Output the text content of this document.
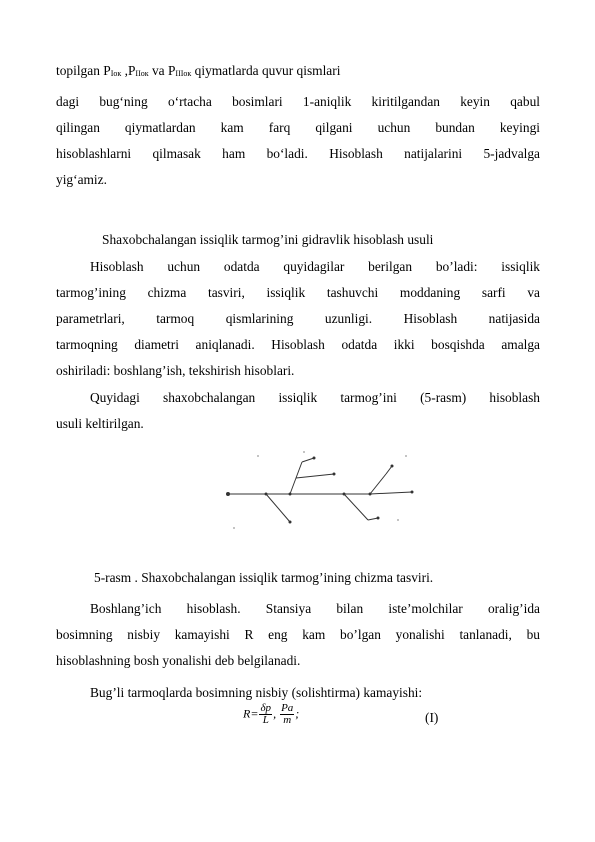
topilgan PIок ,PIIок va PIIIок qiymatlarda quvur qismlari
dagi bug‘ning o‘rtacha bosimlari 1-aniqlik kiritilgandan keyin qabul
qilingan qiymatlardan kam farq qilgani uchun bundan keyingi
hisoblashlarni qilmasak ham bo‘ladi. Hisoblash natijalarini 5-jadvalga
yig‘amiz.
Shaxobchalangan issiqlik tarmog’ini gidravlik hisoblash usuli
Hisoblash uchun odatda quyidagilar berilgan bo’ladi: issiqlik
tarmog’ining chizma tasviri, issiqlik tashuvchi moddaning sarfi va
parametrlari, tarmoq qismlarining uzunligi. Hisoblash natijasida
tarmoqning diametri aniqlanadi. Hisoblash odatda ikki bosqishda amalga
oshiriladi: boshlang’ish, tekshirish hisoblari.
Quyidagi shaxobchalangan issiqlik tarmog’ini (5-rasm) hisoblash
usuli keltirilgan.
5-rasm . Shaxobchalangan issiqlik tarmog’ining chizma tasviri.
Boshlang’ich hisoblash. Stansiya bilan iste’molchilar oralig’ida
bosimning nisbiy kamayishi R eng kam bo’lgan yonalishi tanlanadi, bu
hisoblashning bosh yonalishi deb belgilanadi.
Bug’li tarmoqlarda bosimning nisbiy (solishtirma) kamayishi:
$R= \frac{\delta p}{L}$ , $\frac{Pa}{m}$ ;	(I)
